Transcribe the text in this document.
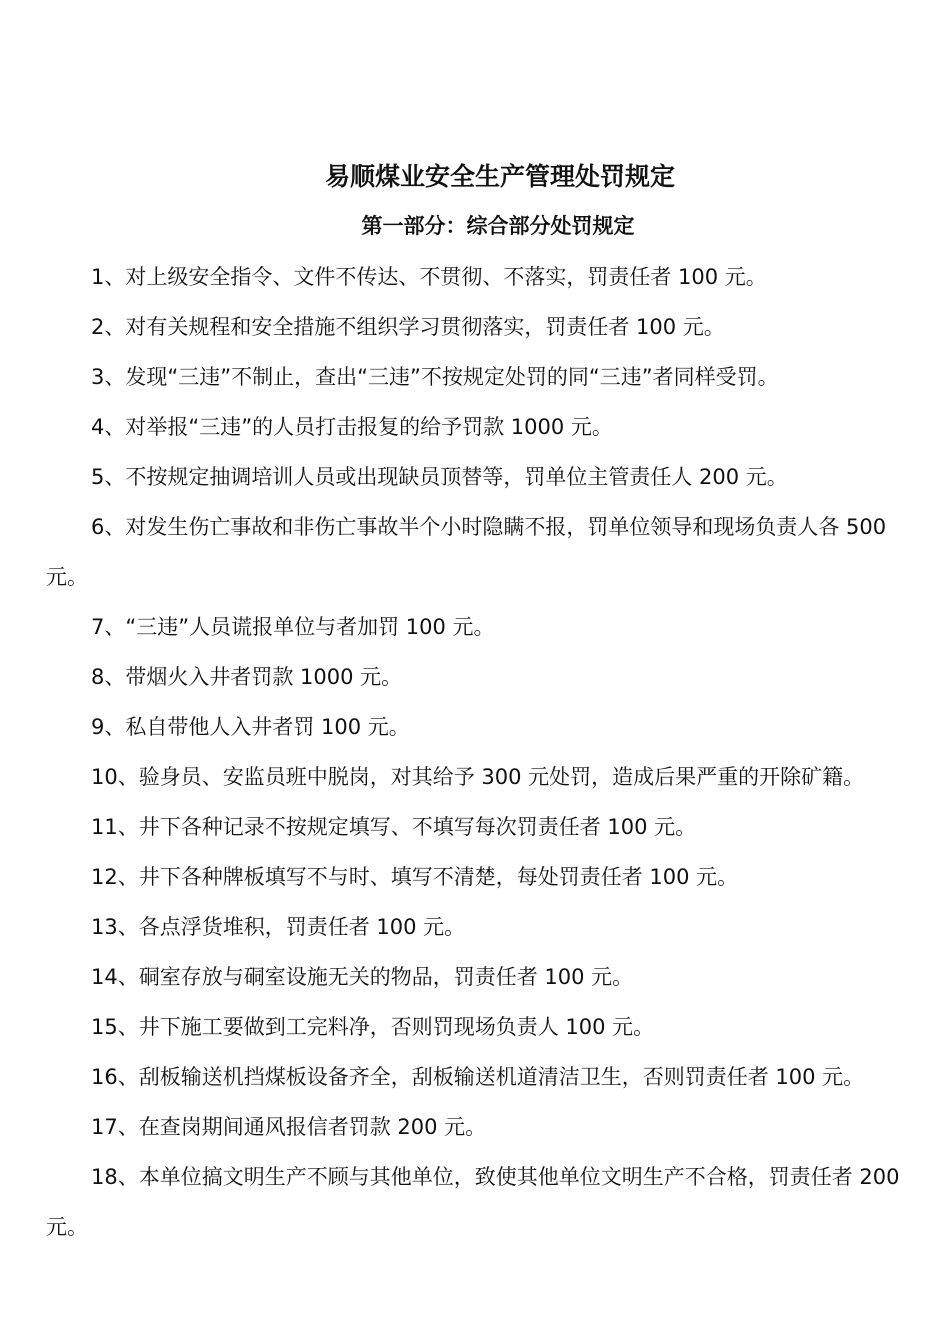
易顺煤业安全生产管理处罚规定
第一部分：综合部分处罚规定

1、对上级安全指令、文件不传达、不贯彻、不落实，罚责任者 100 元。

2、对有关规程和安全措施不组织学习贯彻落实，罚责任者 100 元。

3、发现“三违”不制止，查出“三违”不按规定处罚的同“三违”者同样受罚。

4、对举报“三违”的人员打击报复的给予罚款 1000 元。

5、不按规定抽调培训人员或出现缺员顶替等，罚单位主管责任人 200 元。

6、对发生伤亡事故和非伤亡事故半个小时隐瞒不报，罚单位领导和现场负责人各 500 元。

7、“三违”人员谎报单位与者加罚 100 元。

8、带烟火入井者罚款 1000 元。

9、私自带他人入井者罚 100 元。

10、验身员、安监员班中脱岗，对其给予 300 元处罚，造成后果严重的开除矿籍。

11、井下各种记录不按规定填写、不填写每次罚责任者 100 元。

12、井下各种牌板填写不与时、填写不清楚，每处罚责任者 100 元。

13、各点浮货堆积，罚责任者 100 元。

14、硐室存放与硐室设施无关的物品，罚责任者 100 元。

15、井下施工要做到工完料净，否则罚现场负责人 100 元。

16、刮板输送机挡煤板设备齐全，刮板输送机道清洁卫生，否则罚责任者 100 元。

17、在查岗期间通风报信者罚款 200 元。

18、本单位搞文明生产不顾与其他单位，致使其他单位文明生产不合格，罚责任者 200 元。
